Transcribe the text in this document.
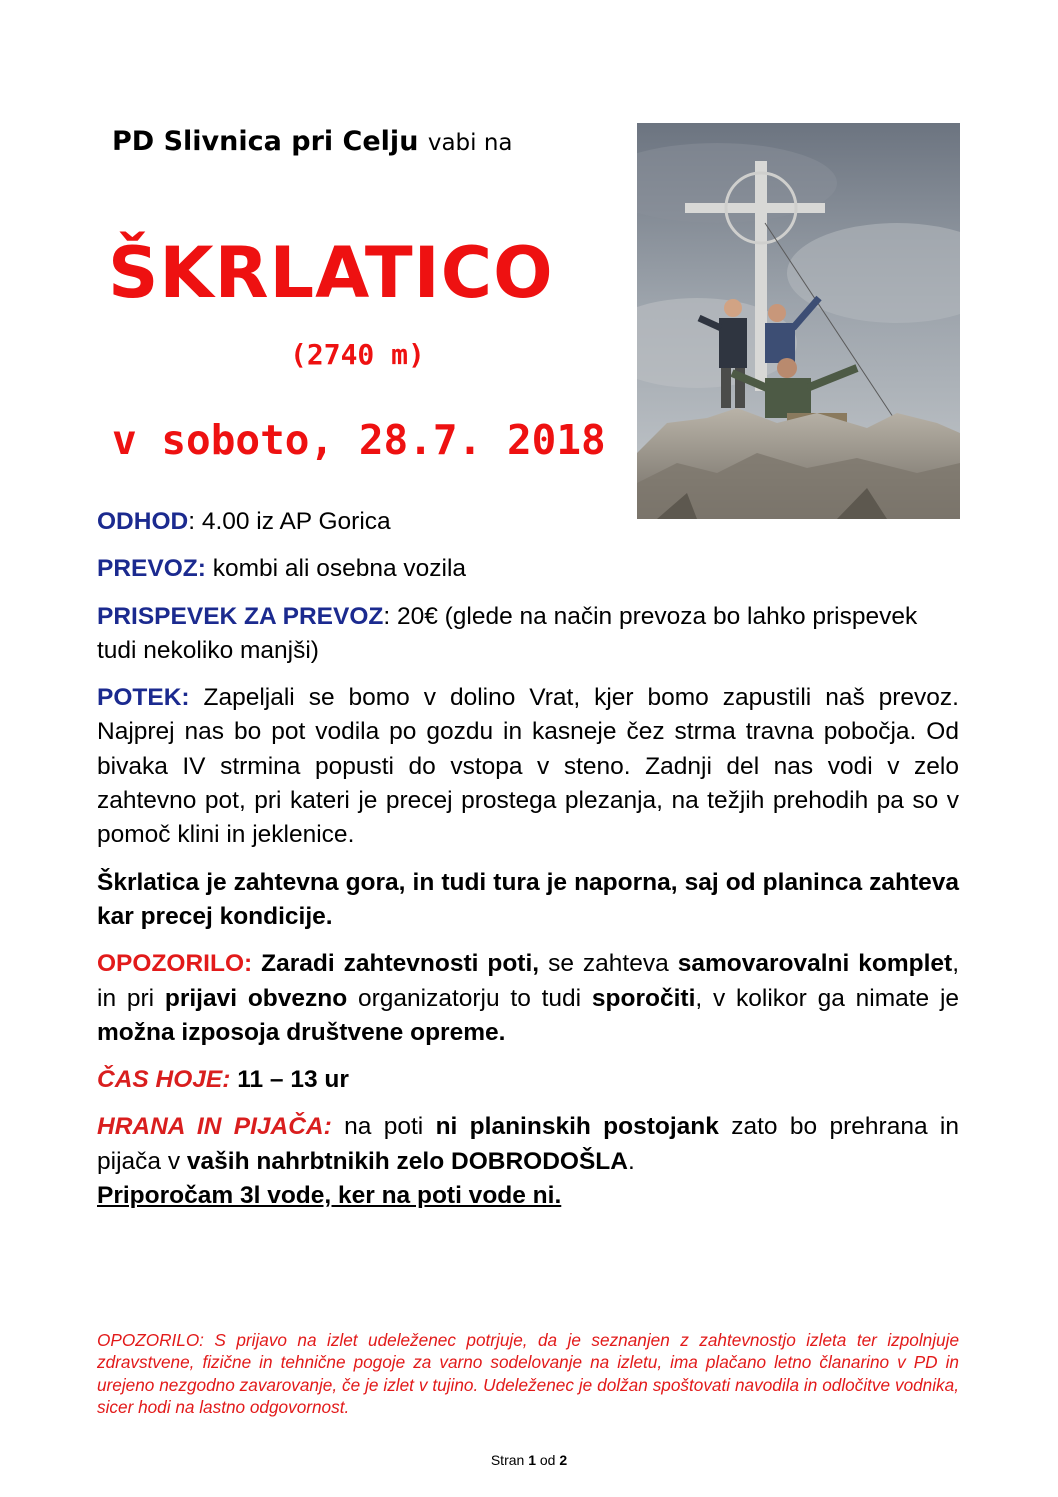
PD Slivnica pri Celju vabi na
ŠKRLATICO
(2740 m)
v soboto, 28.7. 2018

ODHOD: 4.00 iz AP Gorica

PREVOZ: kombi ali osebna vozila

PRISPEVEK ZA PREVOZ: 20€ (glede na način prevoza bo lahko prispevek tudi nekoliko manjši)

POTEK: Zapeljali se bomo v dolino Vrat, kjer bomo zapustili naš prevoz. Najprej nas bo pot vodila po gozdu in kasneje čez strma travna pobočja. Od bivaka IV strmina popusti do vstopa v steno. Zadnji del nas vodi v zelo zahtevno pot, pri kateri je precej prostega plezanja, na težjih prehodih pa so v pomoč klini in jeklenice.

Škrlatica je zahtevna gora, in tudi tura je naporna, saj od planinca zahteva kar precej kondicije.

OPOZORILO: Zaradi zahtevnosti poti, se zahteva samovarovalni komplet, in pri prijavi obvezno organizatorju to tudi sporočiti, v kolikor ga nimate je možna izposoja društvene opreme.

ČAS HOJE: 11 – 13 ur

HRANA IN PIJAČA: na poti ni planinskih postojank zato bo prehrana in pijača v vaših nahrbtnikih zelo DOBRODOŠLA.
Priporočam 3l vode, ker na poti vode ni.

OPOZORILO: S prijavo na izlet udeleženec potrjuje, da je seznanjen z zahtevnostjo izleta ter izpolnjuje zdravstvene, fizične in tehnične pogoje za varno sodelovanje na izletu, ima plačano letno članarino v PD in urejeno nezgodno zavarovanje, če je izlet v tujino. Udeleženec je dolžan spoštovati navodila in odločitve vodnika, sicer hodi na lastno odgovornost.
Stran 1 od 2
